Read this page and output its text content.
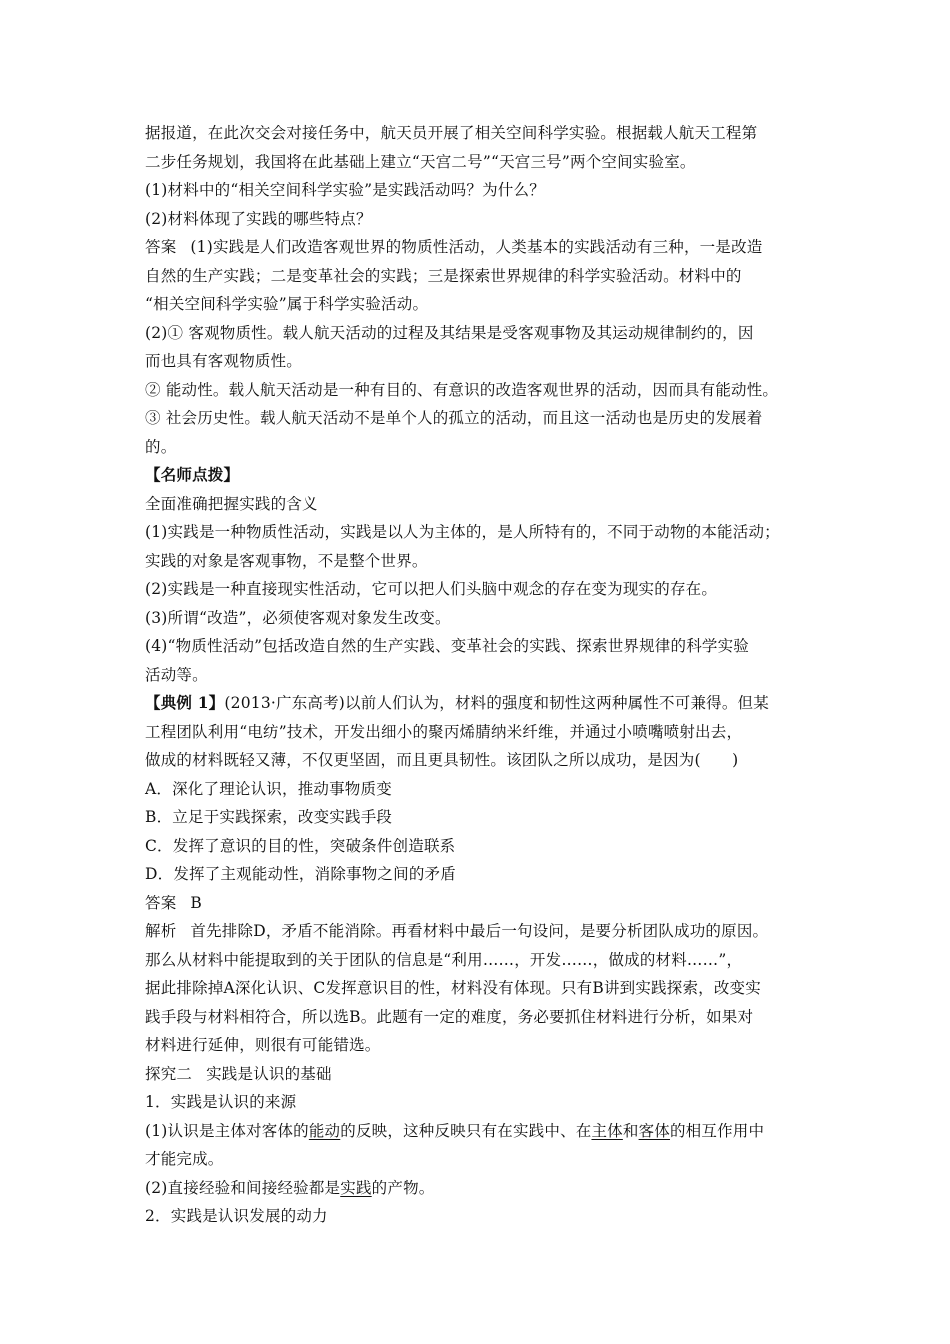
据报道，在此次交会对接任务中，航天员开展了相关空间科学实验。根据载人航天工程第
二步任务规划，我国将在此基础上建立“天宫二号”“天宫三号”两个空间实验室。
(1)材料中的“相关空间科学实验”是实践活动吗？为什么？
(2)材料体现了实践的哪些特点？
答案 (1)实践是人们改造客观世界的物质性活动，人类基本的实践活动有三种，一是改造
自然的生产实践；二是变革社会的实践；三是探索世界规律的科学实验活动。材料中的
“相关空间科学实验”属于科学实验活动。
(2)① 客观物质性。载人航天活动的过程及其结果是受客观事物及其运动规律制约的，因
而也具有客观物质性。
② 能动性。载人航天活动是一种有目的、有意识的改造客观世界的活动，因而具有能动性。
③ 社会历史性。载人航天活动不是单个人的孤立的活动，而且这一活动也是历史的发展着
的。
【名师点拨】
全面准确把握实践的含义
(1)实践是一种物质性活动，实践是以人为主体的，是人所特有的，不同于动物的本能活动；
实践的对象是客观事物，不是整个世界。
(2)实践是一种直接现实性活动，它可以把人们头脑中观念的存在变为现实的存在。
(3)所谓“改造”，必须使客观对象发生改变。
(4)“物质性活动”包括改造自然的生产实践、变革社会的实践、探索世界规律的科学实验
活动等。
【典例 1】(2013·广东高考)以前人们认为，材料的强度和韧性这两种属性不可兼得。但某
工程团队利用“电纺”技术，开发出细小的聚丙烯腈纳米纤维，并通过小喷嘴喷射出去，
做成的材料既轻又薄，不仅更坚固，而且更具韧性。该团队之所以成功，是因为(　　)
A．深化了理论认识，推动事物质变
B．立足于实践探索，改变实践手段
C．发挥了意识的目的性，突破条件创造联系
D．发挥了主观能动性，消除事物之间的矛盾
答案 B
解析 首先排除D，矛盾不能消除。再看材料中最后一句设问，是要分析团队成功的原因。
那么从材料中能提取到的关于团队的信息是“利用……，开发……，做成的材料……”，
据此排除掉A深化认识、C发挥意识目的性，材料没有体现。只有B讲到实践探索，改变实
践手段与材料相符合，所以选B。此题有一定的难度，务必要抓住材料进行分析，如果对
材料进行延伸，则很有可能错选。
探究二 实践是认识的基础
1．实践是认识的来源
(1)认识是主体对客体的能动的反映，这种反映只有在实践中、在主体和客体的相互作用中
才能完成。
(2)直接经验和间接经验都是实践的产物。
2．实践是认识发展的动力
